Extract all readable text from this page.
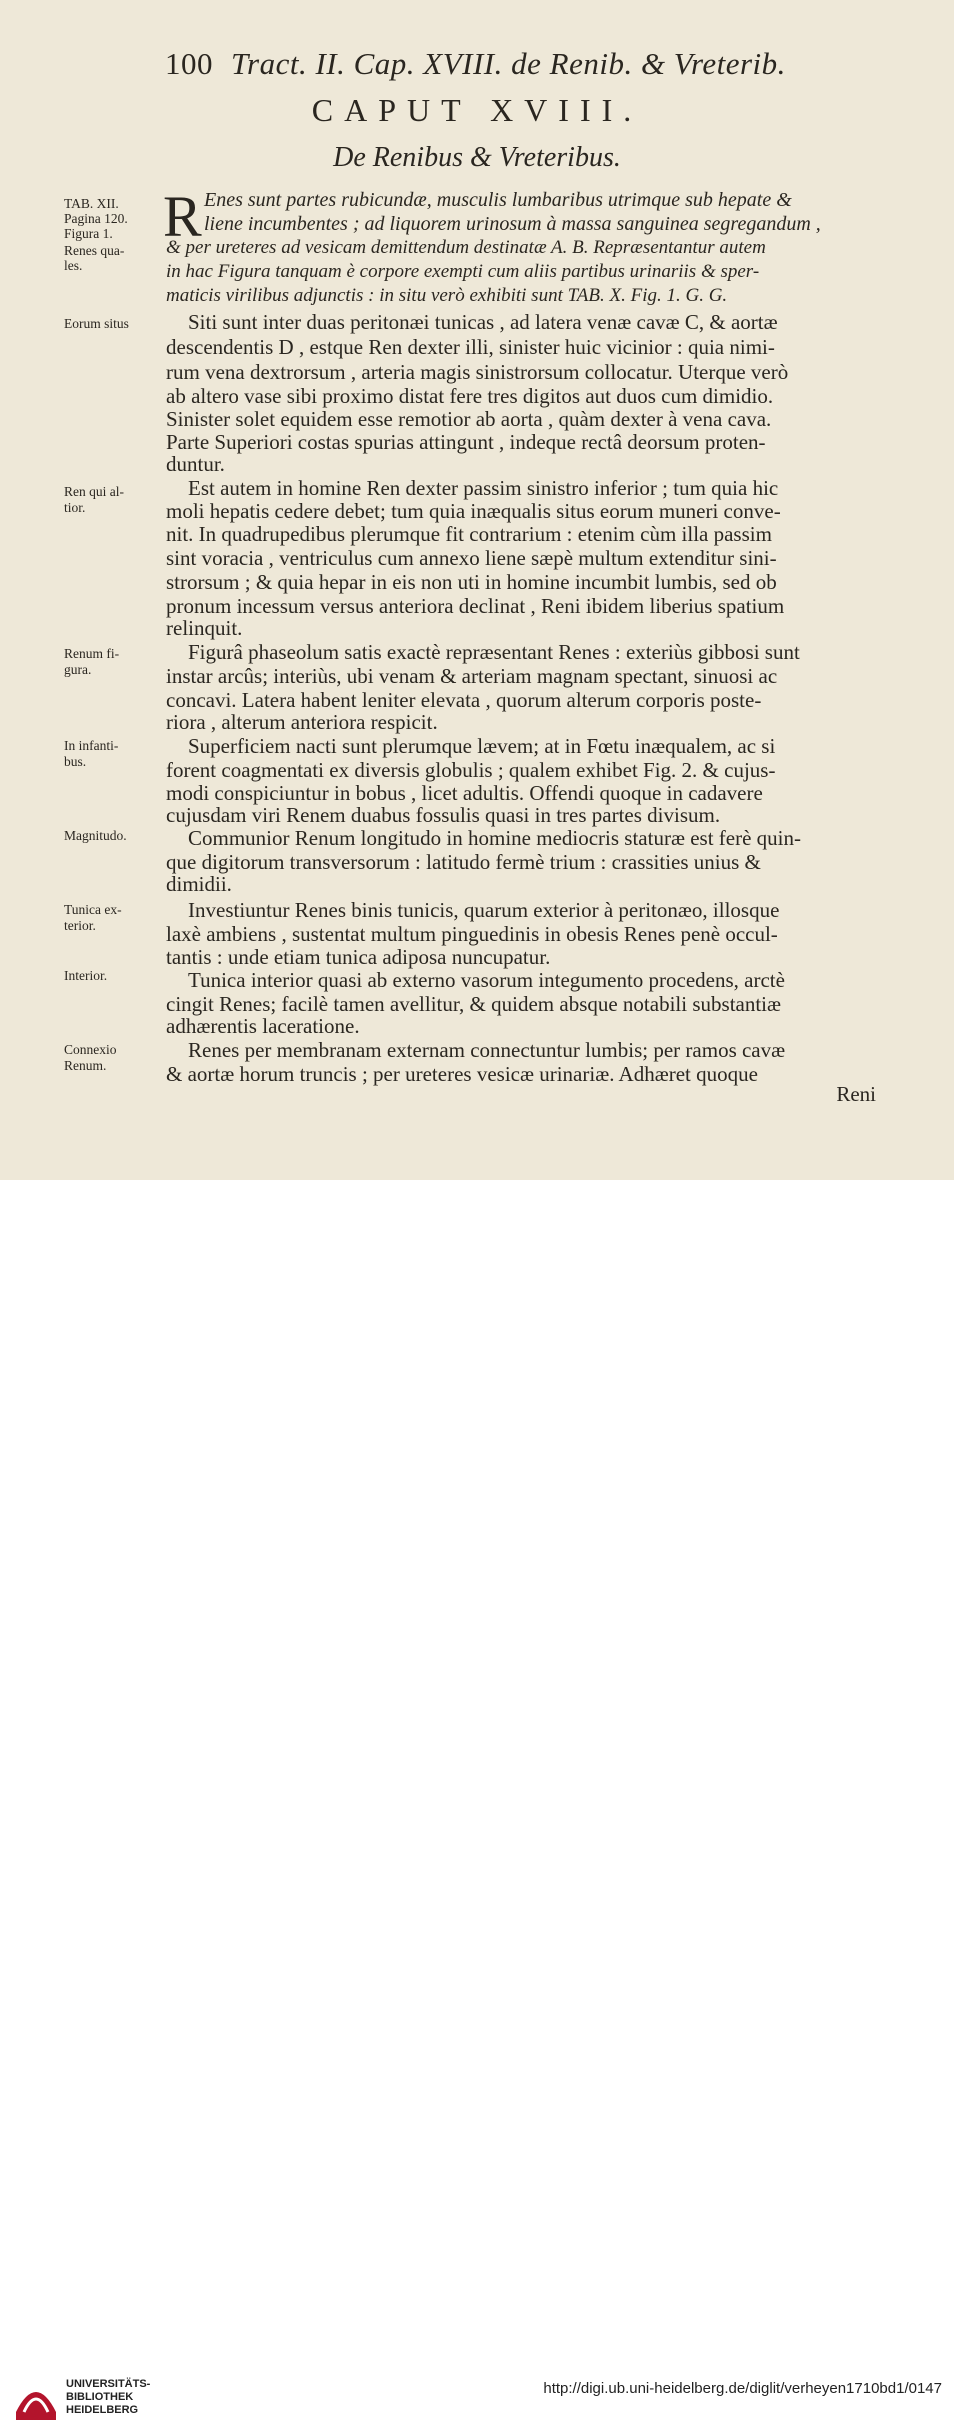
100 Tract. II. Cap. XVIII. de Renib. & Vreterib.
CAPUT XVIII.
De Renibus & Vreteribus.
TAB. XII.
Pagina 120.
Figura 1.
Renes qua-
les.
Eorum situs
Ren qui al-
tior.
Renum fi-
gura.
In infanti-
bus.
Magnitudo.
Tunica ex-
terior.
Interior.
Connexio
Renum.
R Enes sunt partes rubicundæ, musculis lumbaribus utrimque sub hepate &
liene incumbentes ; ad liquorem urinosum à massa sanguinea segregandum ,
& per ureteres ad vesicam demittendum destinatæ A. B. Repræsentantur autem
in hac Figura tanquam è corpore exempti cum aliis partibus urinariis & sper-
maticis virilibus adjunctis : in situ verò exhibiti sunt TAB. X. Fig. 1. G. G.
Siti sunt inter duas peritonæi tunicas , ad latera venæ cavæ C, & aortæ
descendentis D , estque Ren dexter illi, sinister huic vicinior : quia nimi-
rum vena dextrorsum , arteria magis sinistrorsum collocatur. Uterque verò
ab altero vase sibi proximo distat fere tres digitos aut duos cum dimidio.
Sinister solet equidem esse remotior ab aorta , quàm dexter à vena cava.
Parte Superiori costas spurias attingunt , indeque rectâ deorsum proten-
duntur.
Est autem in homine Ren dexter passim sinistro inferior ; tum quia hic
moli hepatis cedere debet; tum quia inæqualis situs eorum muneri conve-
nit. In quadrupedibus plerumque fit contrarium : etenim cùm illa passim
sint voracia , ventriculus cum annexo liene sæpè multum extenditur sini-
strorsum ; & quia hepar in eis non uti in homine incumbit lumbis, sed ob
pronum incessum versus anteriora declinat , Reni ibidem liberius spatium
relinquit.
Figurâ phaseolum satis exactè repræsentant Renes : exteriùs gibbosi sunt
instar arcûs; interiùs, ubi venam & arteriam magnam spectant, sinuosi ac
concavi. Latera habent leniter elevata , quorum alterum corporis poste-
riora , alterum anteriora respicit.
Superficiem nacti sunt plerumque lævem; at in Fœtu inæqualem, ac si
forent coagmentati ex diversis globulis ; qualem exhibet Fig. 2. & cujus-
modi conspiciuntur in bobus , licet adultis. Offendi quoque in cadavere
cujusdam viri Renem duabus fossulis quasi in tres partes divisum.
Communior Renum longitudo in homine mediocris staturæ est ferè quin-
que digitorum transversorum : latitudo fermè trium : crassities unius &
dimidii.
Investiuntur Renes binis tunicis, quarum exterior à peritonæo, illosque
laxè ambiens , sustentat multum pinguedinis in obesis Renes penè occul-
tantis : unde etiam tunica adiposa nuncupatur.
Tunica interior quasi ab externo vasorum integumento procedens, arctè
cingit Renes; facilè tamen avellitur, & quidem absque notabili substantiæ
adhærentis laceratione.
Renes per membranam externam connectuntur lumbis; per ramos cavæ
& aortæ horum truncis ; per ureteres vesicæ urinariæ. Adhæret quoque
Reni
UNIVERSITÄTS-
BIBLIOTHEK
HEIDELBERG
http://digi.ub.uni-heidelberg.de/diglit/verheyen1710bd1/0147
